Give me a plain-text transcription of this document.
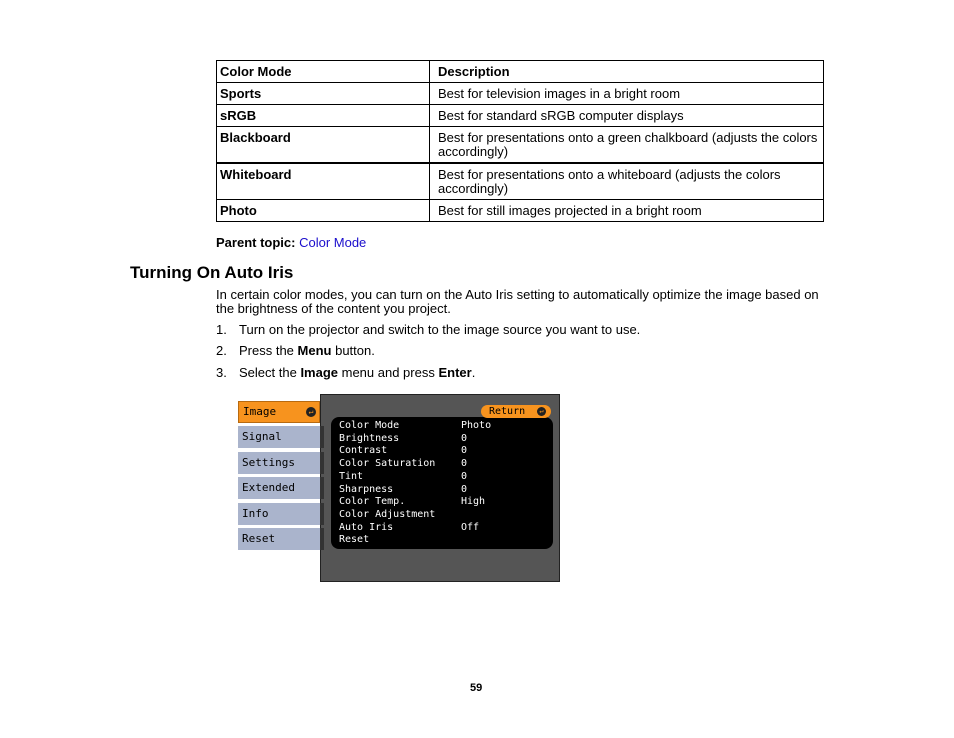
Color Mode	Description
Sports	Best for television images in a bright room
sRGB	Best for standard sRGB computer displays
Blackboard	Best for presentations onto a green chalkboard (adjusts the colors accordingly)
Whiteboard	Best for presentations onto a whiteboard (adjusts the colors accordingly)
Photo	Best for still images projected in a bright room
Parent topic: Color Mode
Turning On Auto Iris
In certain color modes, you can turn on the Auto Iris setting to automatically optimize the image based on the brightness of the content you project.
1. Turn on the projector and switch to the image source you want to use.
2. Press the Menu button.
3. Select the Image menu and press Enter.
Return	↵
Color Mode	Photo
Brightness	0
Contrast	0
Color Saturation	0
Tint	0
Sharpness	0
Color Temp.	High
Color Adjustment
Auto Iris	Off
Reset
Image	↵
Signal
Settings
Extended
Info
Reset
59
